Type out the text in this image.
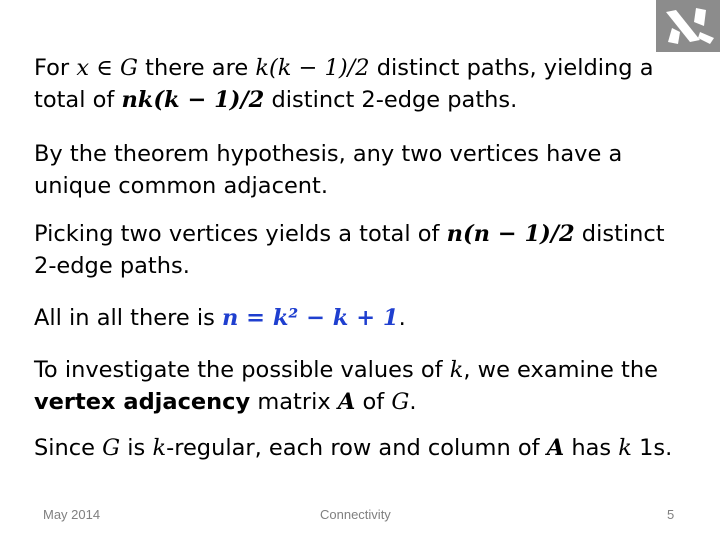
For x ∈ G there are k(k − 1)/2 distinct paths, yielding a
total of nk(k − 1)/2 distinct 2-edge paths.
By the theorem hypothesis, any two vertices have a
unique common adjacent.
Picking two vertices yields a total of n(n − 1)/2 distinct
2-edge paths.
All in all there is n = k² − k + 1.
To investigate the possible values of k, we examine the
vertex adjacency matrix A of G.
Since G is k-regular, each row and column of A has k 1s.
May 2014	Connectivity	5
